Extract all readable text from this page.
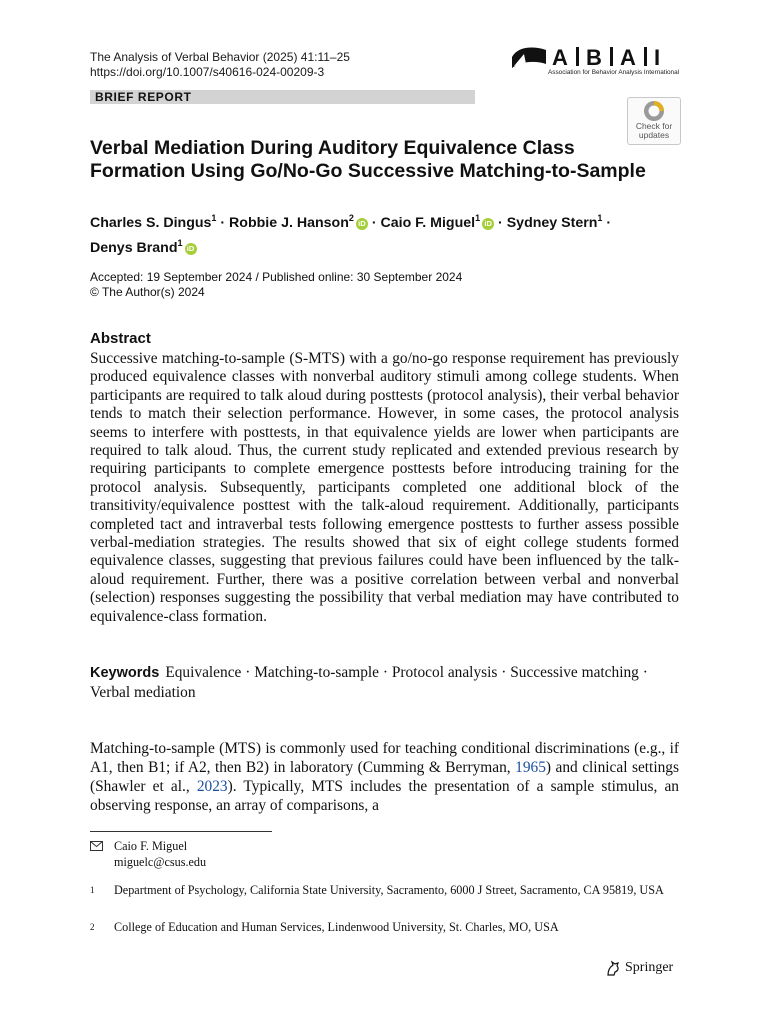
The Analysis of Verbal Behavior (2025) 41:11–25
https://doi.org/10.1007/s40616-024-00209-3
A B A I
Association for Behavior Analysis International
BRIEF REPORT
Check for
updates
Verbal Mediation During Auditory Equivalence Class
Formation Using Go/No-Go Successive Matching-to-Sample
Charles S. Dingus$^1$ · Robbie J. Hanson$^2$iD · Caio F. Miguel$^1$iD · Sydney Stern$^1$ ·
Denys Brand$^1$iD
Accepted: 19 September 2024 / Published online: 30 September 2024
© The Author(s) 2024
Abstract
Successive matching-to-sample (S-MTS) with a go/no-go response requirement has previously produced equivalence classes with nonverbal auditory stimuli among college students. When participants are required to talk aloud during posttests (protocol analysis), their verbal behavior tends to match their selection performance. However, in some cases, the protocol analysis seems to interfere with posttests, in that equivalence yields are lower when participants are required to talk aloud. Thus, the current study replicated and extended previous research by requiring participants to complete emergence posttests before introducing training for the protocol analysis. Subsequently, participants completed one additional block of the transitivity/equivalence posttest with the talk-aloud requirement. Additionally, participants completed tact and intraverbal tests following emergence posttests to further assess possible verbal-mediation strategies. The results showed that six of eight college students formed equivalence classes, suggesting that previous failures could have been influenced by the talk-aloud requirement. Further, there was a positive correlation between verbal and nonverbal (selection) responses suggesting the possibility that verbal mediation may have contributed to equivalence-class formation.
Keywords Equivalence · Matching-to-sample · Protocol analysis · Successive matching · Verbal mediation
Matching-to-sample (MTS) is commonly used for teaching conditional discriminations (e.g., if A1, then B1; if A2, then B2) in laboratory (Cumming & Berryman, 1965) and clinical settings (Shawler et al., 2023). Typically, MTS includes the presentation of a sample stimulus, an observing response, an array of comparisons, a
Caio F. Miguel
miguelc@csus.edu
1 Department of Psychology, California State University, Sacramento, 6000 J Street, Sacramento, CA 95819, USA
2 College of Education and Human Services, Lindenwood University, St. Charles, MO, USA
Springer
